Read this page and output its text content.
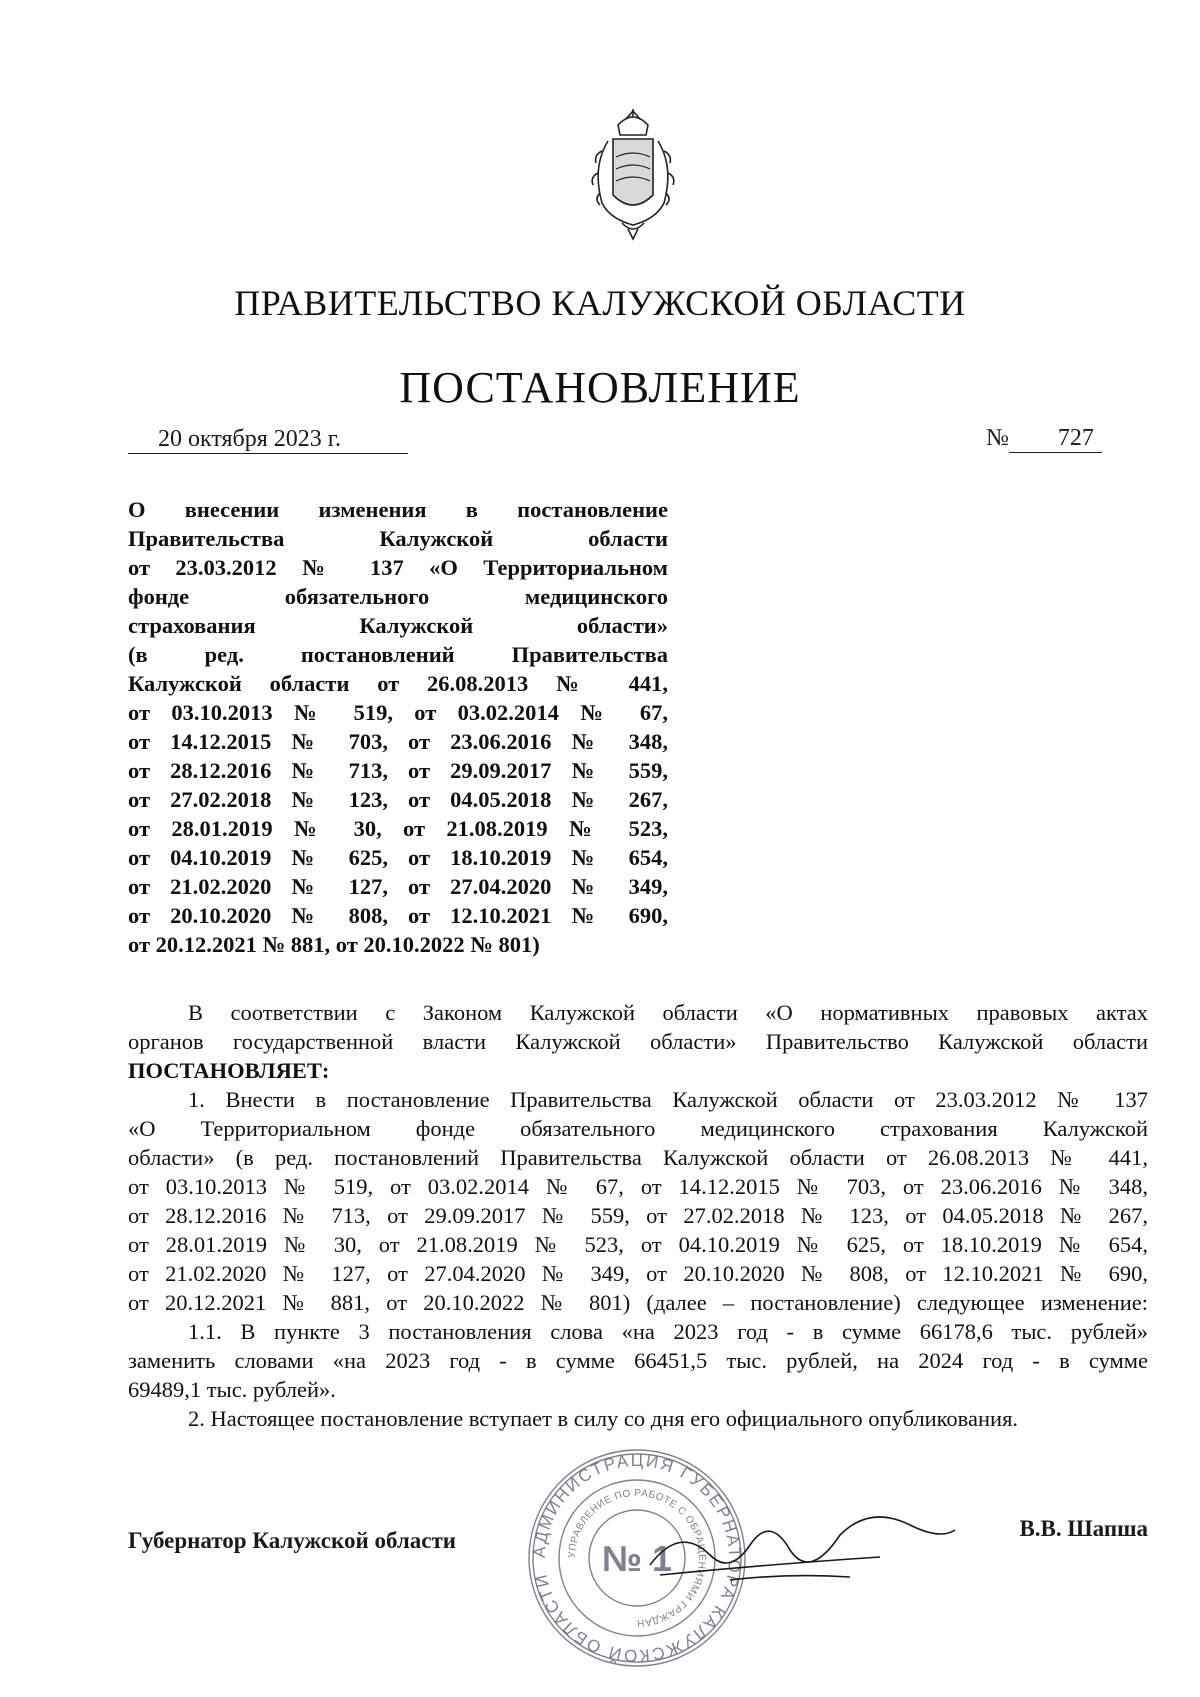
ПРАВИТЕЛЬСТВО КАЛУЖСКОЙ ОБЛАСТИ
ПОСТАНОВЛЕНИЕ
20 октября 2023 г.	№	727
О внесении изменения в постановление
Правительства Калужской области
от 23.03.2012 № 137 «О Территориальном
фонде обязательного медицинского
страхования Калужской области»
(в ред. постановлений Правительства
Калужской области от 26.08.2013 № 441,
от 03.10.2013 № 519, от 03.02.2014 № 67,
от 14.12.2015 № 703, от 23.06.2016 № 348,
от 28.12.2016 № 713, от 29.09.2017 № 559,
от 27.02.2018 № 123, от 04.05.2018 № 267,
от 28.01.2019 № 30, от 21.08.2019 № 523,
от 04.10.2019 № 625, от 18.10.2019 № 654,
от 21.02.2020 № 127, от 27.04.2020 № 349,
от 20.10.2020 № 808, от 12.10.2021 № 690,
от 20.12.2021 № 881, от 20.10.2022 № 801)
В соответствии с Законом Калужской области «О нормативных правовых актах
органов государственной власти Калужской области» Правительство Калужской области
ПОСТАНОВЛЯЕТ:
1. Внести в постановление Правительства Калужской области от 23.03.2012 № 137
«О Территориальном фонде обязательного медицинского страхования Калужской
области» (в ред. постановлений Правительства Калужской области от 26.08.2013 № 441,
от 03.10.2013 № 519, от 03.02.2014 № 67, от 14.12.2015 № 703, от 23.06.2016 № 348,
от 28.12.2016 № 713, от 29.09.2017 № 559, от 27.02.2018 № 123, от 04.05.2018 № 267,
от 28.01.2019 № 30, от 21.08.2019 № 523, от 04.10.2019 № 625, от 18.10.2019 № 654,
от 21.02.2020 № 127, от 27.04.2020 № 349, от 20.10.2020 № 808, от 12.10.2021 № 690,
от 20.12.2021 № 881, от 20.10.2022 № 801) (далее – постановление) следующее изменение:
1.1. В пункте 3 постановления слова «на 2023 год - в сумме 66178,6 тыс. рублей»
заменить словами «на 2023 год - в сумме 66451,5 тыс. рублей, на 2024 год - в сумме
69489,1 тыс. рублей».
2. Настоящее постановление вступает в силу со дня его официального опубликования.
Губернатор Калужской области	В.В. Шапша
АДМИНИСТРАЦИЯ ГУБЕРНАТОРА КАЛУЖСКОЙ ОБЛАСТИ
УПРАВЛЕНИЕ ПО РАБОТЕ С ОБРАЩЕНИЯМИ ГРАЖДАН
№ 1
